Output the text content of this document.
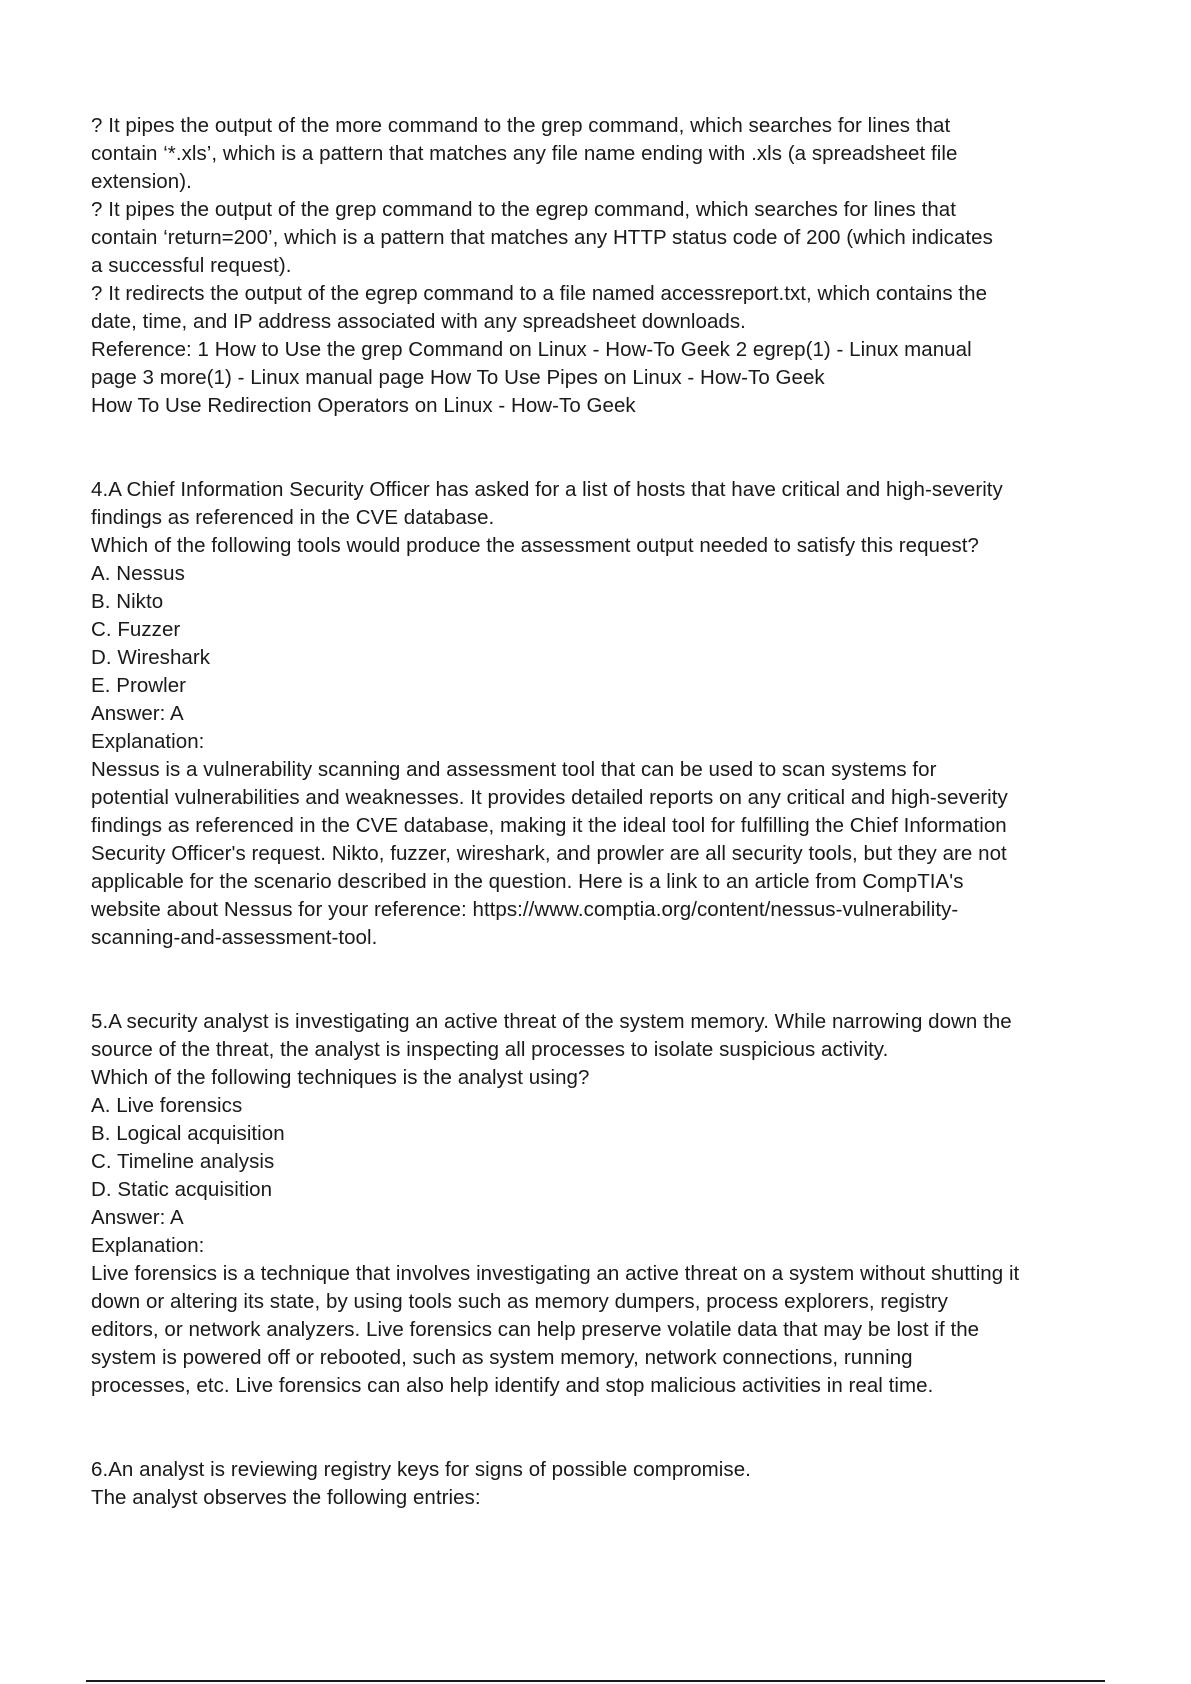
? It pipes the output of the more command to the grep command, which searches for lines that
contain ‘*.xls’, which is a pattern that matches any file name ending with .xls (a spreadsheet file
extension).
? It pipes the output of the grep command to the egrep command, which searches for lines that
contain ‘return=200’, which is a pattern that matches any HTTP status code of 200 (which indicates
a successful request).
? It redirects the output of the egrep command to a file named accessreport.txt, which contains the
date, time, and IP address associated with any spreadsheet downloads.
Reference: 1 How to Use the grep Command on Linux - How-To Geek 2 egrep(1) - Linux manual
page 3 more(1) - Linux manual page How To Use Pipes on Linux - How-To Geek
How To Use Redirection Operators on Linux - How-To Geek
4.A Chief Information Security Officer has asked for a list of hosts that have critical and high-severity
findings as referenced in the CVE database.
Which of the following tools would produce the assessment output needed to satisfy this request?
A. Nessus
B. Nikto
C. Fuzzer
D. Wireshark
E. Prowler
Answer: A
Explanation:
Nessus is a vulnerability scanning and assessment tool that can be used to scan systems for
potential vulnerabilities and weaknesses. It provides detailed reports on any critical and high-severity
findings as referenced in the CVE database, making it the ideal tool for fulfilling the Chief Information
Security Officer's request. Nikto, fuzzer, wireshark, and prowler are all security tools, but they are not
applicable for the scenario described in the question. Here is a link to an article from CompTIA's
website about Nessus for your reference: https://www.comptia.org/content/nessus-vulnerability-
scanning-and-assessment-tool.
5.A security analyst is investigating an active threat of the system memory. While narrowing down the
source of the threat, the analyst is inspecting all processes to isolate suspicious activity.
Which of the following techniques is the analyst using?
A. Live forensics
B. Logical acquisition
C. Timeline analysis
D. Static acquisition
Answer: A
Explanation:
Live forensics is a technique that involves investigating an active threat on a system without shutting it
down or altering its state, by using tools such as memory dumpers, process explorers, registry
editors, or network analyzers. Live forensics can help preserve volatile data that may be lost if the
system is powered off or rebooted, such as system memory, network connections, running
processes, etc. Live forensics can also help identify and stop malicious activities in real time.
6.An analyst is reviewing registry keys for signs of possible compromise.
The analyst observes the following entries:
